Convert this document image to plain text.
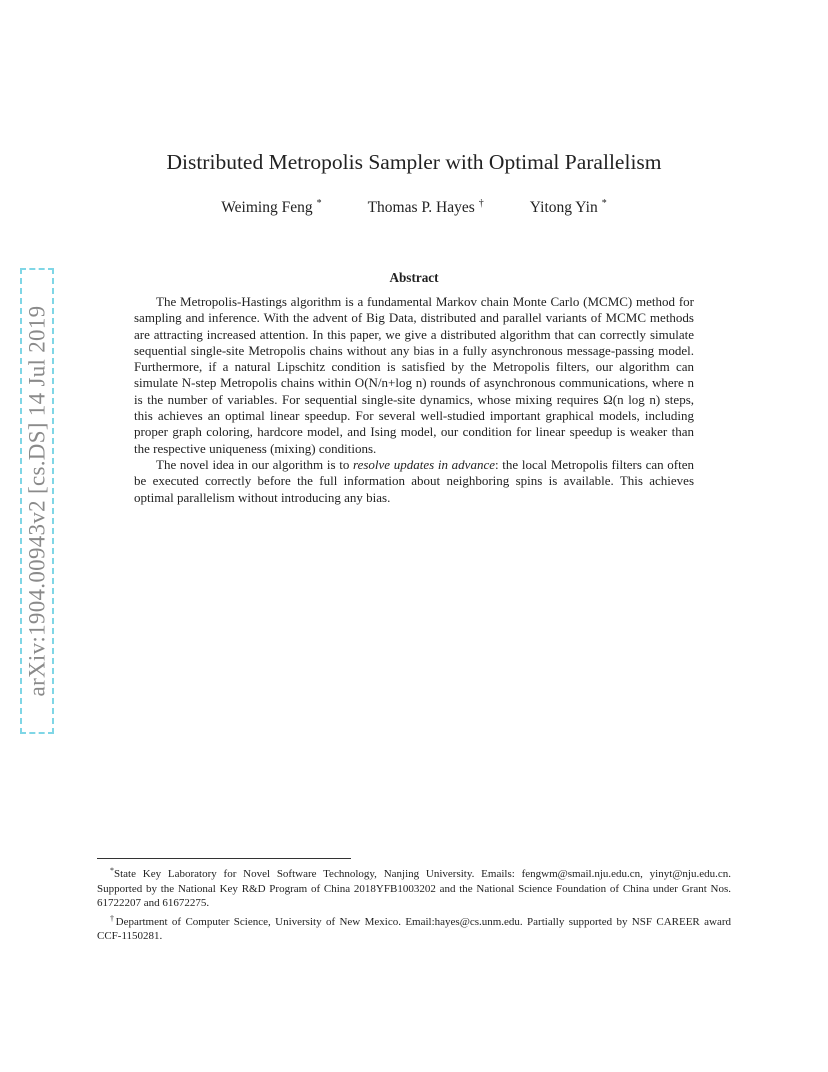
arXiv:1904.00943v2 [cs.DS] 14 Jul 2019
Distributed Metropolis Sampler with Optimal Parallelism
Weiming Feng *	Thomas P. Hayes †	Yitong Yin *
Abstract

The Metropolis-Hastings algorithm is a fundamental Markov chain Monte Carlo (MCMC) method for sampling and inference. With the advent of Big Data, distributed and parallel variants of MCMC methods are attracting increased attention. In this paper, we give a distributed algorithm that can correctly simulate sequential single-site Metropolis chains without any bias in a fully asynchronous message-passing model. Furthermore, if a natural Lipschitz condition is satisfied by the Metropolis filters, our algorithm can simulate N-step Metropolis chains within O(N/n+log n) rounds of asynchronous communications, where n is the number of variables. For sequential single-site dynamics, whose mixing requires Ω(n log n) steps, this achieves an optimal linear speedup. For several well-studied important graphical models, including proper graph coloring, hardcore model, and Ising model, our condition for linear speedup is weaker than the respective uniqueness (mixing) conditions.

The novel idea in our algorithm is to resolve updates in advance: the local Metropolis filters can often be executed correctly before the full information about neighboring spins is available. This achieves optimal parallelism without introducing any bias.

*State Key Laboratory for Novel Software Technology, Nanjing University. Emails: fengwm@smail.nju.edu.cn, yinyt@nju.edu.cn. Supported by the National Key R&D Program of China 2018YFB1003202 and the National Science Foundation of China under Grant Nos. 61722207 and 61672275.

†Department of Computer Science, University of New Mexico. Email:hayes@cs.unm.edu. Partially supported by NSF CAREER award CCF-1150281.
